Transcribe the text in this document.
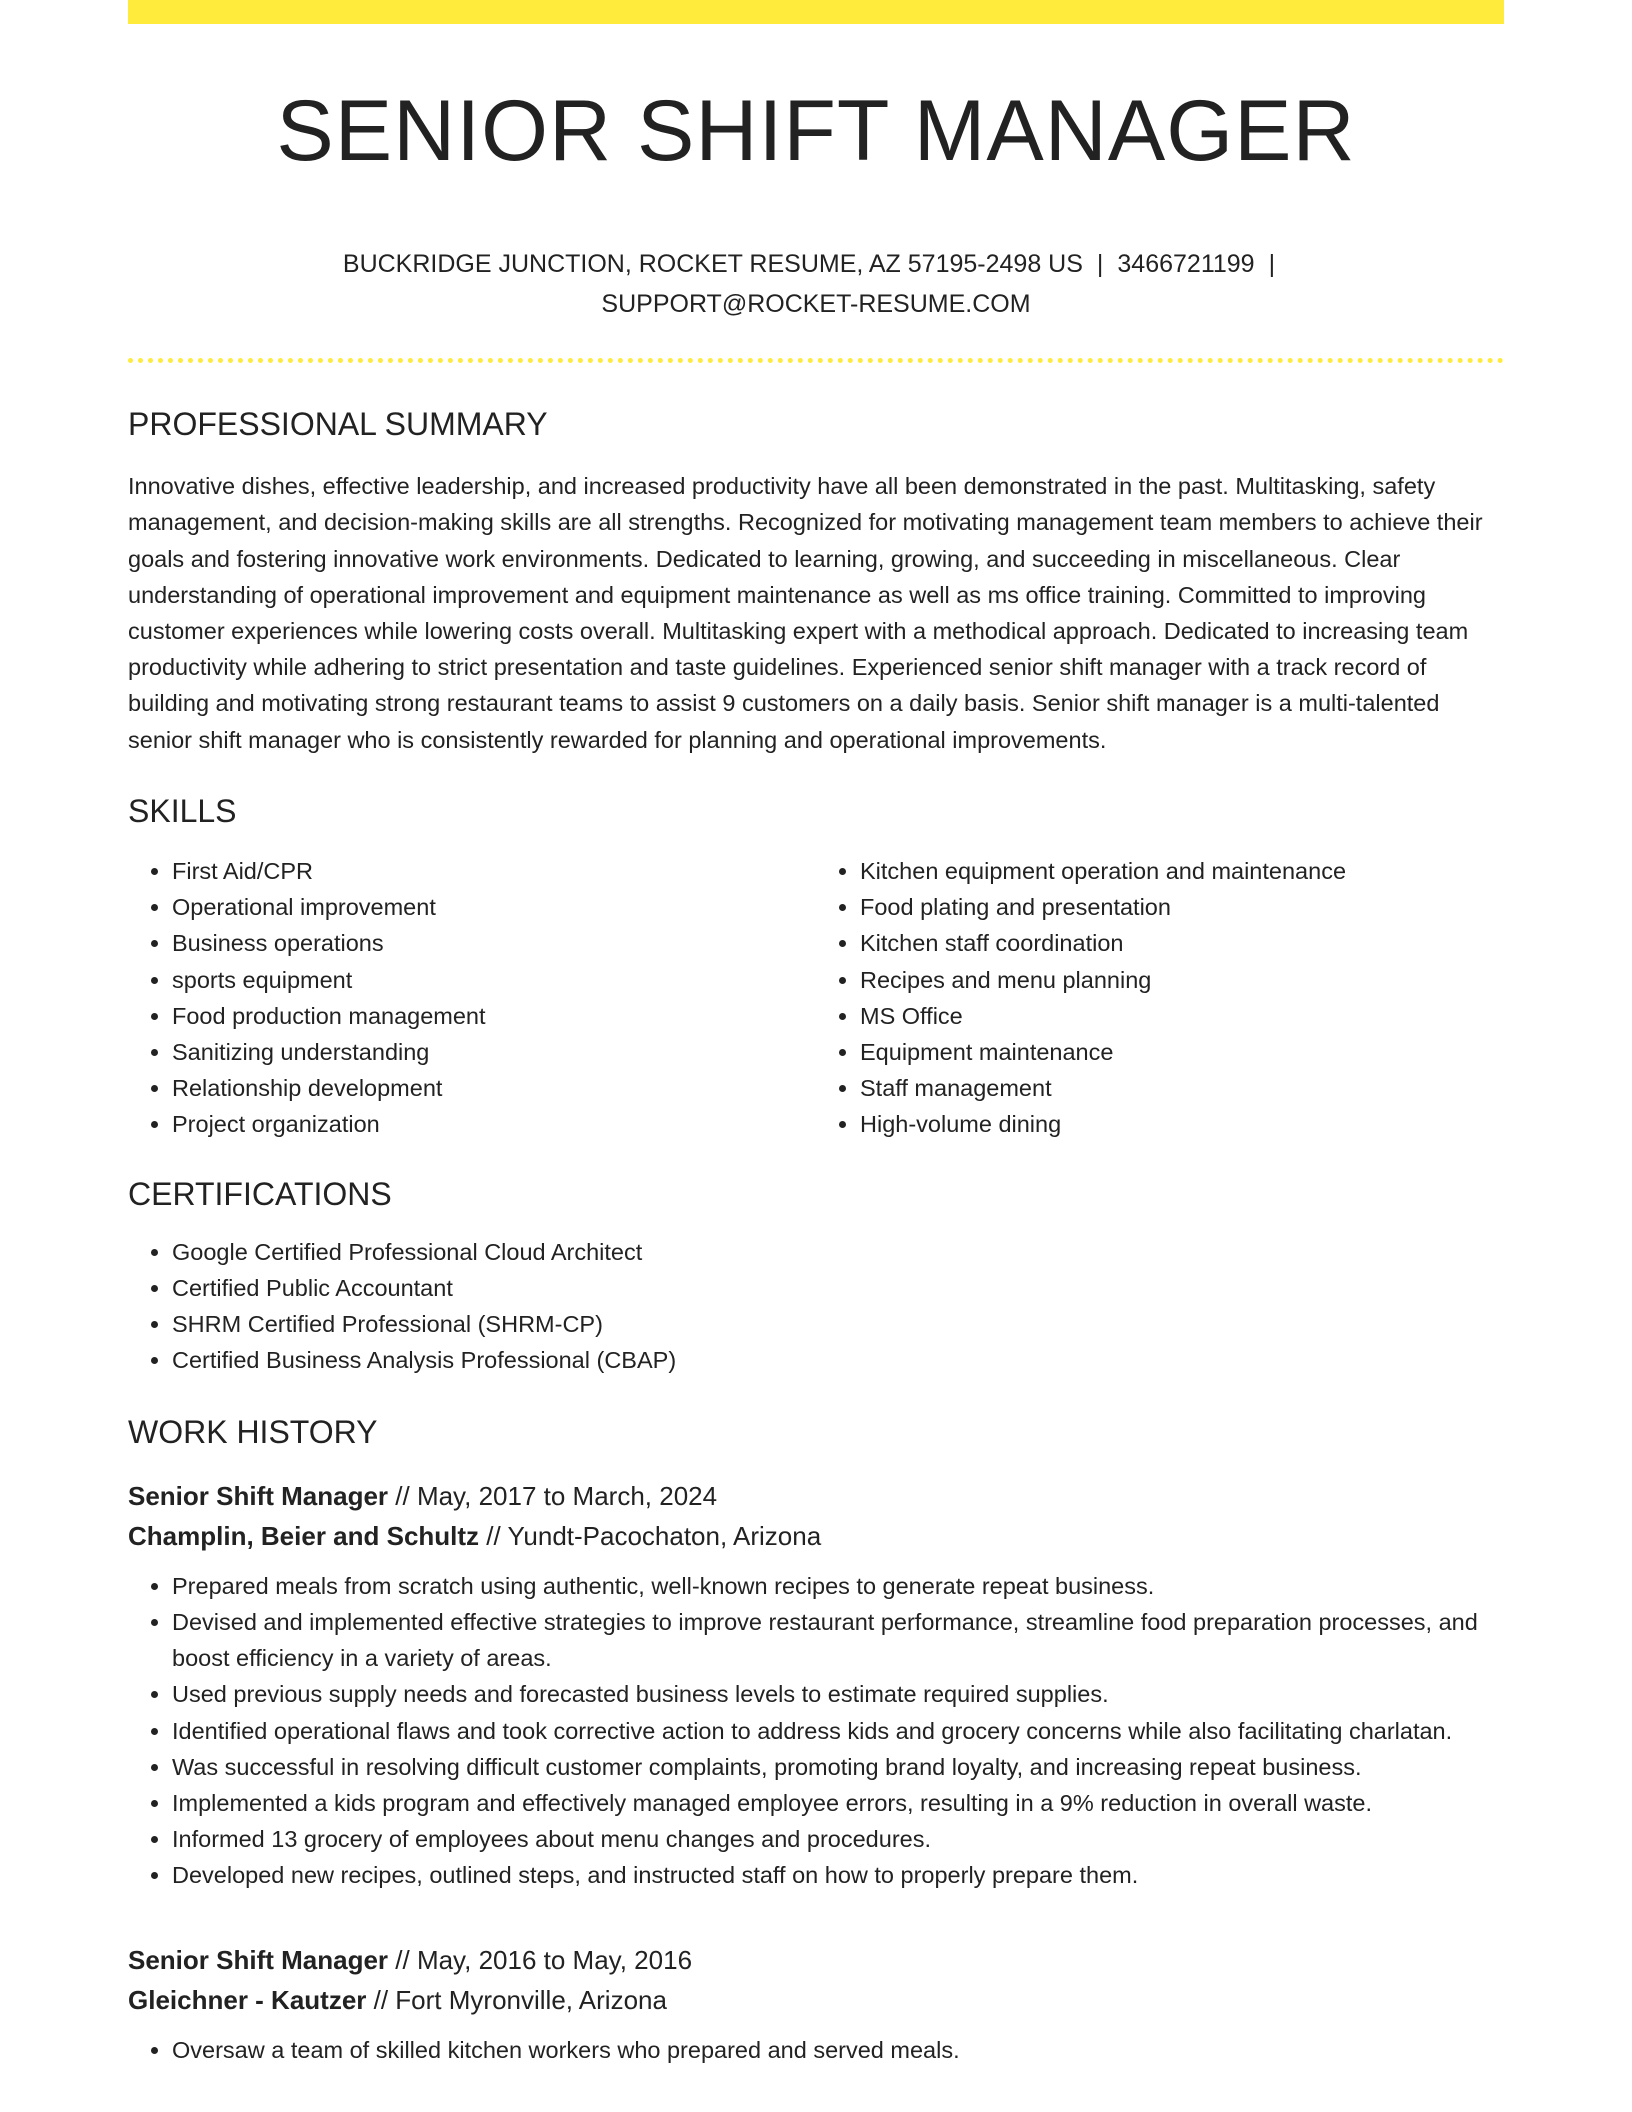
SENIOR SHIFT MANAGER
BUCKRIDGE JUNCTION, ROCKET RESUME, AZ 57195-2498 US | 3466721199 |
SUPPORT@ROCKET-RESUME.COM
PROFESSIONAL SUMMARY
Innovative dishes, effective leadership, and increased productivity have all been demonstrated in the past. Multitasking, safety management, and decision-making skills are all strengths. Recognized for motivating management team members to achieve their goals and fostering innovative work environments. Dedicated to learning, growing, and succeeding in miscellaneous. Clear understanding of operational improvement and equipment maintenance as well as ms office training. Committed to improving customer experiences while lowering costs overall. Multitasking expert with a methodical approach. Dedicated to increasing team productivity while adhering to strict presentation and taste guidelines. Experienced senior shift manager with a track record of building and motivating strong restaurant teams to assist 9 customers on a daily basis. Senior shift manager is a multi-talented senior shift manager who is consistently rewarded for planning and operational improvements.
SKILLS
• First Aid/CPR
• Operational improvement
• Business operations
• sports equipment
• Food production management
• Sanitizing understanding
• Relationship development
• Project organization
• Kitchen equipment operation and maintenance
• Food plating and presentation
• Kitchen staff coordination
• Recipes and menu planning
• MS Office
• Equipment maintenance
• Staff management
• High-volume dining
CERTIFICATIONS
• Google Certified Professional Cloud Architect
• Certified Public Accountant
• SHRM Certified Professional (SHRM-CP)
• Certified Business Analysis Professional (CBAP)
WORK HISTORY
Senior Shift Manager // May, 2017 to March, 2024
Champlin, Beier and Schultz // Yundt-Pacochaton, Arizona
• Prepared meals from scratch using authentic, well-known recipes to generate repeat business.
• Devised and implemented effective strategies to improve restaurant performance, streamline food preparation processes, and boost efficiency in a variety of areas.
• Used previous supply needs and forecasted business levels to estimate required supplies.
• Identified operational flaws and took corrective action to address kids and grocery concerns while also facilitating charlatan.
• Was successful in resolving difficult customer complaints, promoting brand loyalty, and increasing repeat business.
• Implemented a kids program and effectively managed employee errors, resulting in a 9% reduction in overall waste.
• Informed 13 grocery of employees about menu changes and procedures.
• Developed new recipes, outlined steps, and instructed staff on how to properly prepare them.
Senior Shift Manager // May, 2016 to May, 2016
Gleichner - Kautzer // Fort Myronville, Arizona
• Oversaw a team of skilled kitchen workers who prepared and served meals.
